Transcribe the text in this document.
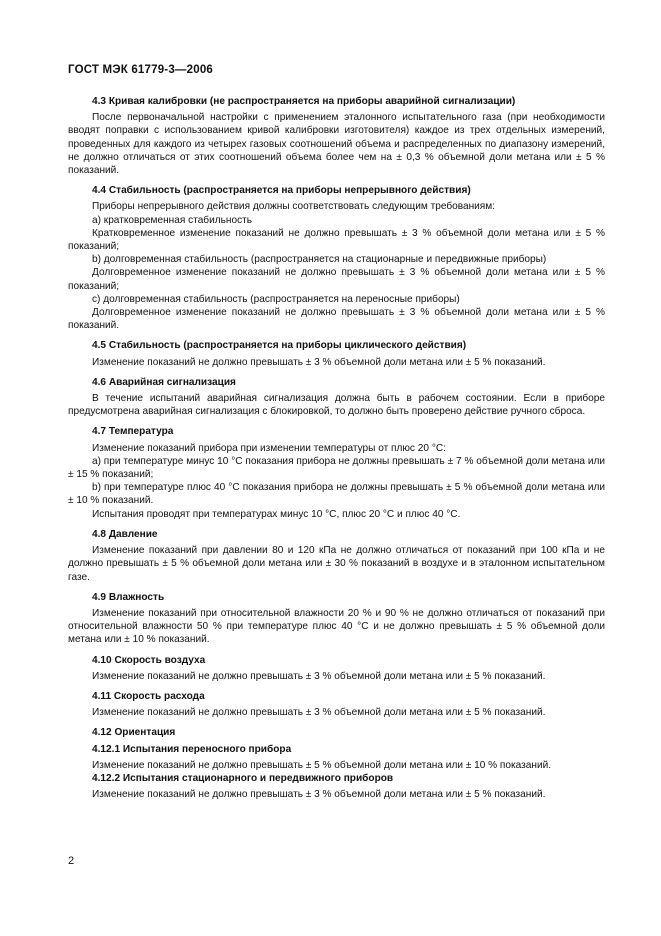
ГОСТ МЭК 61779-3—2006
4.3 Кривая калибровки (не распространяется на приборы аварийной сигнализации)

После первоначальной настройки с применением эталонного испытательного газа (при необходимости вводят поправки с использованием кривой калибровки изготовителя) каждое из трех отдельных измерений, проведенных для каждого из четырех газовых соотношений объема и распределенных по диапазону измерений, не должно отличаться от этих соотношений объема более чем на ± 0,3 % объемной доли метана или ± 5 % показаний.

4.4 Стабильность (распространяется на приборы непрерывного действия)

Приборы непрерывного действия должны соответствовать следующим требованиям:

a) кратковременная стабильность

Кратковременное изменение показаний не должно превышать ± 3 % объемной доли метана или ± 5 % показаний;

b) долговременная стабильность (распространяется на стационарные и передвижные приборы)

Долговременное изменение показаний не должно превышать ± 3 % объемной доли метана или ± 5 % показаний;

c) долговременная стабильность (распространяется на переносные приборы)

Долговременное изменение показаний не должно превышать ± 3 % объемной доли метана или ± 5 % показаний.

4.5 Стабильность (распространяется на приборы циклического действия)

Изменение показаний не должно превышать ± 3 % объемной доли метана или ± 5 % показаний.

4.6 Аварийная сигнализация

В течение испытаний аварийная сигнализация должна быть в рабочем состоянии. Если в приборе предусмотрена аварийная сигнализация с блокировкой, то должно быть проверено действие ручного сброса.

4.7 Температура

Изменение показаний прибора при изменении температуры от плюс 20 °С:

a) при температуре минус 10 °С показания прибора не должны превышать ± 7 % объемной доли метана или ± 15 % показаний;

b) при температуре плюс 40 °С показания прибора не должны превышать ± 5 % объемной доли метана или ± 10 % показаний.

Испытания проводят при температурах минус 10 °С, плюс 20 °С и плюс 40 °С.

4.8 Давление

Изменение показаний при давлении 80 и 120 кПа не должно отличаться от показаний при 100 кПа и не должно превышать ± 5 % объемной доли метана или ± 30 % показаний в воздухе и в эталонном испытательном газе.

4.9 Влажность

Изменение показаний при относительной влажности 20 % и 90 % не должно отличаться от показаний при относительной влажности 50 % при температуре плюс 40 °С и не должно превышать ± 5 % объемной доли метана или ± 10 % показаний.

4.10 Скорость воздуха

Изменение показаний не должно превышать ± 3 % объемной доли метана или ± 5 % показаний.

4.11 Скорость расхода

Изменение показаний не должно превышать ± 3 % объемной доли метана или ± 5 % показаний.

4.12 Ориентация
4.12.1 Испытания переносного прибора

Изменение показаний не должно превышать ± 5 % объемной доли метана или ± 10 % показаний.

4.12.2 Испытания стационарного и передвижного приборов

Изменение показаний не должно превышать ± 3 % объемной доли метана или ± 5 % показаний.

2
